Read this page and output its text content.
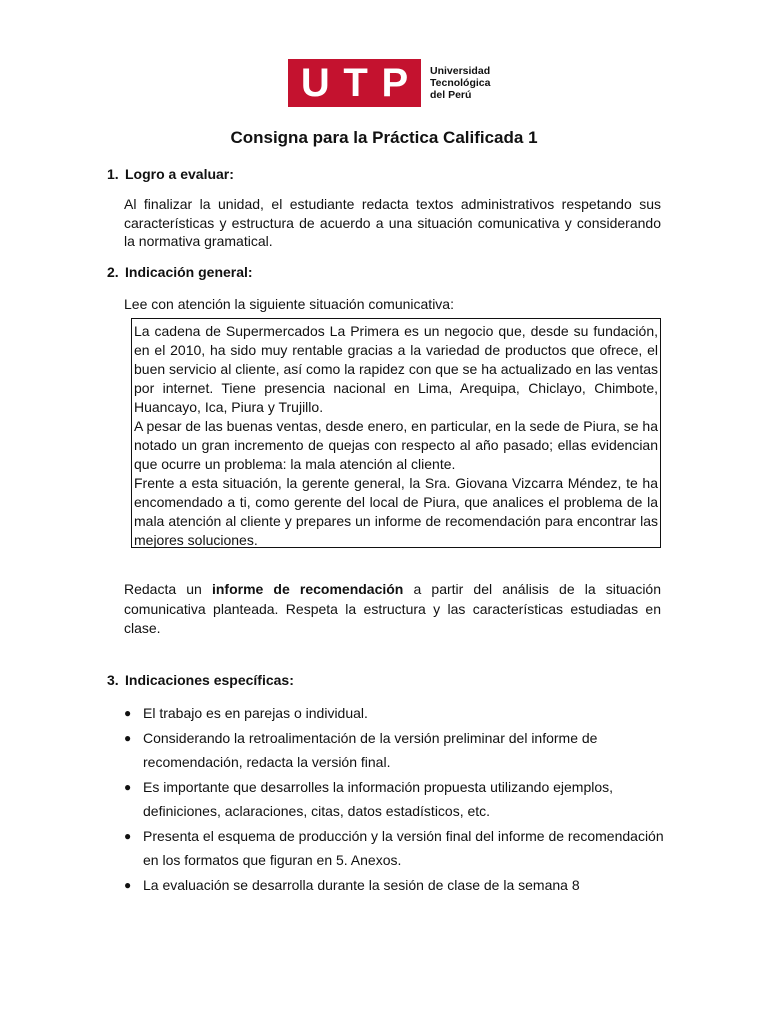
U T P Universidad
Tecnológica
del Perú
Consigna para la Práctica Calificada 1
1. Logro a evaluar:
Al finalizar la unidad, el estudiante redacta textos administrativos respetando sus características y estructura de acuerdo a una situación comunicativa y considerando la normativa gramatical.
2. Indicación general:
Lee con atención la siguiente situación comunicativa:

La cadena de Supermercados La Primera es un negocio que, desde su fundación, en el 2010, ha sido muy rentable gracias a la variedad de productos que ofrece, el buen servicio al cliente, así como la rapidez con que se ha actualizado en las ventas por internet. Tiene presencia nacional en Lima, Arequipa, Chiclayo, Chimbote, Huancayo, Ica, Piura y Trujillo.

A pesar de las buenas ventas, desde enero, en particular, en la sede de Piura, se ha notado un gran incremento de quejas con respecto al año pasado; ellas evidencian que ocurre un problema: la mala atención al cliente.

Frente a esta situación, la gerente general, la Sra. Giovana Vizcarra Méndez, te ha encomendado a ti, como gerente del local de Piura, que analices el problema de la mala atención al cliente y prepares un informe de recomendación para encontrar las mejores soluciones.

Redacta un informe de recomendación a partir del análisis de la situación comunicativa planteada. Respeta la estructura y las características estudiadas en clase.
3. Indicaciones específicas:
● El trabajo es en parejas o individual.
● Considerando la retroalimentación de la versión preliminar del informe de recomendación, redacta la versión final.
● Es importante que desarrolles la información propuesta utilizando ejemplos, definiciones, aclaraciones, citas, datos estadísticos, etc.
● Presenta el esquema de producción y la versión final del informe de recomendación en los formatos que figuran en 5. Anexos.
● La evaluación se desarrolla durante la sesión de clase de la semana 8
